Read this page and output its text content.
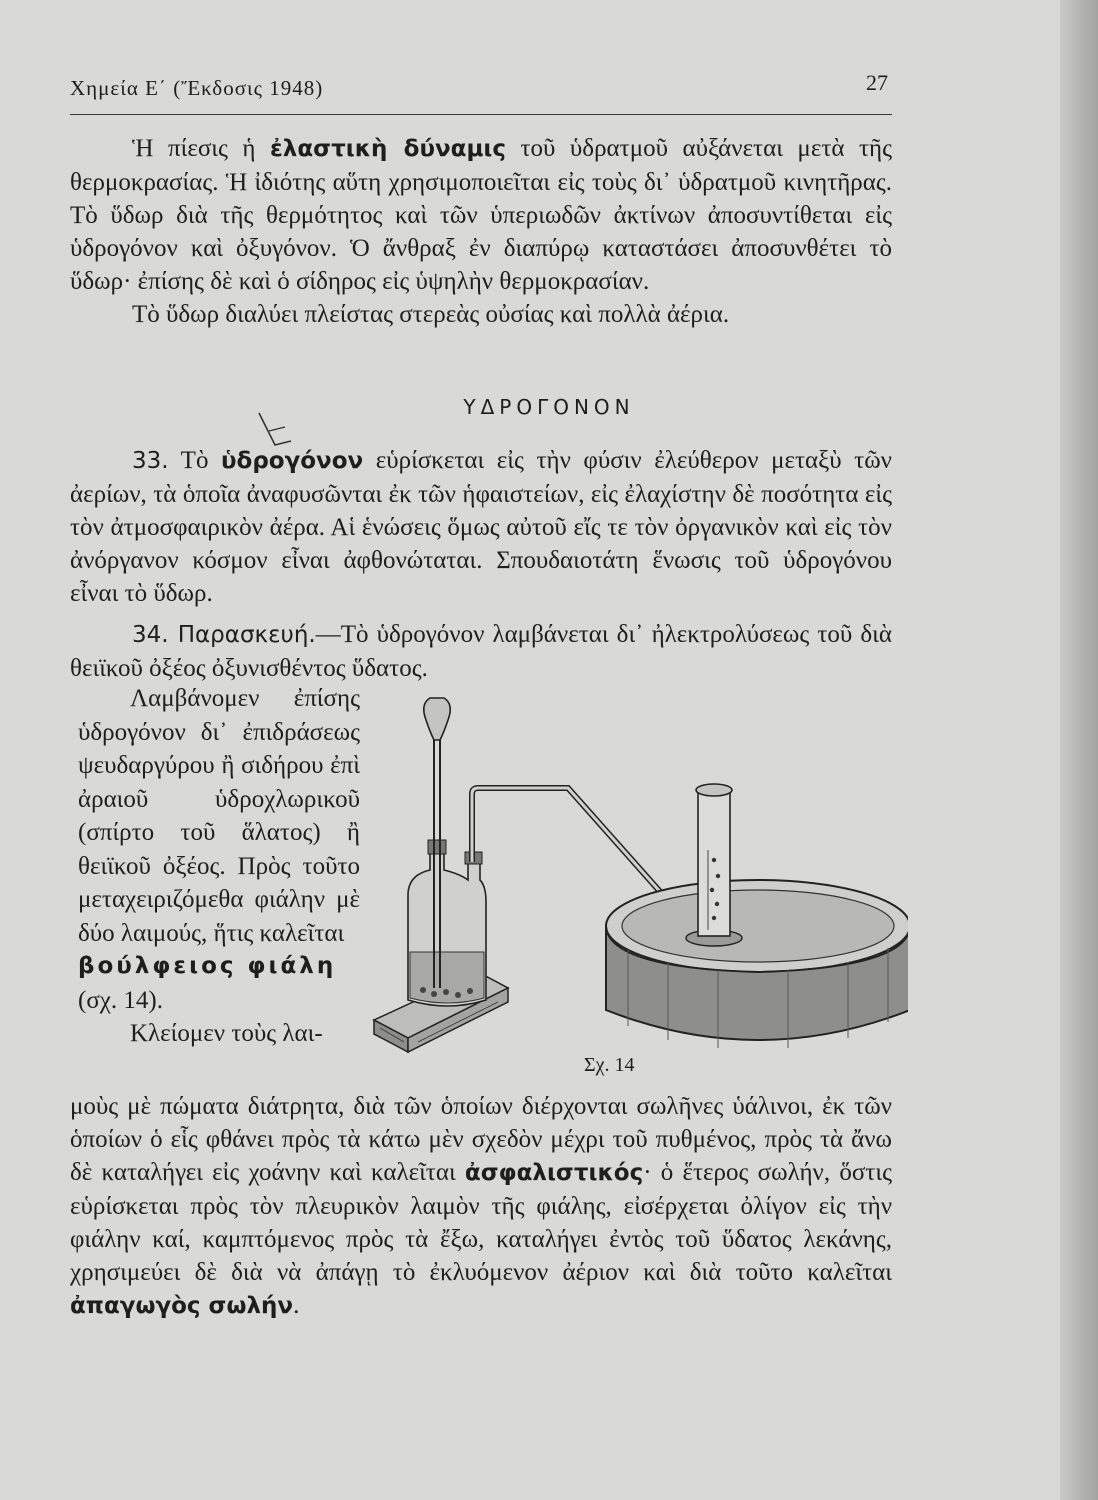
Χημεία Ε΄ (Ἔκδοσις 1948)	27

Ἡ πίεσις ἡ ἐλαστικὴ δύναμις τοῦ ὑδρατμοῦ αὐξάνεται μετὰ τῆς θερμοκρασίας. Ἡ ἰδιότης αὕτη χρησιμοποιεῖται εἰς τοὺς δι᾿ ὑδρατμοῦ κινητῆρας. Τὸ ὕδωρ διὰ τῆς θερμότητος καὶ τῶν ὑπεριωδῶν ἀκτίνων ἀποσυντίθεται εἰς ὑδρογόνον καὶ ὀξυγόνον. Ὁ ἄνθραξ ἐν διαπύρῳ καταστάσει ἀποσυνθέτει τὸ ὕδωρ· ἐπίσης δὲ καὶ ὁ σίδηρος εἰς ὑψηλὴν θερμοκρασίαν.

Τὸ ὕδωρ διαλύει πλείστας στερεὰς οὐσίας καὶ πολλὰ ἀέρια.

ΥΔΡΟΓΟΝΟΝ

33. Τὸ ὑδρογόνον εὑρίσκεται εἰς τὴν φύσιν ἐλεύθερον μεταξὺ τῶν ἀερίων, τὰ ὁποῖα ἀναφυσῶνται ἐκ τῶν ἡφαιστείων, εἰς ἐλαχίστην δὲ ποσότητα εἰς τὸν ἀτμοσφαιρικὸν ἀέρα. Αἱ ἑνώσεις ὅμως αὐτοῦ εἴς τε τὸν ὀργανικὸν καὶ εἰς τὸν ἀνόργανον κόσμον εἶναι ἀφθονώταται. Σπουδαιοτάτη ἕνωσις τοῦ ὑδρογόνου εἶναι τὸ ὕδωρ.

34. Παρασκευή.—Τὸ ὑδρογόνον λαμβάνεται δι᾿ ἠλεκτρολύσεως τοῦ διὰ θειϊκοῦ ὀξέος ὀξυνισθέντος ὕδατος.

Λαμβάνομεν ἐπίσης ὑδρογόνον δι᾿ ἐπιδράσεως ψευδαργύρου ἢ σιδήρου ἐπὶ ἀραιοῦ ὑδροχλωρικοῦ (σπίρτο τοῦ ἅλατος) ἢ θειϊκοῦ ὀξέος. Πρὸς τοῦτο μεταχειριζόμεθα φιάλην μὲ δύο λαιμούς, ἥτις καλεῖται

βούλφειος φιάλη

(σχ. 14).

Κλείομεν τοὺς λαι-

Σχ. 14

μοὺς μὲ πώματα διάτρητα, διὰ τῶν ὁποίων διέρχονται σωλῆνες ὑάλινοι, ἐκ τῶν ὁποίων ὁ εἷς φθάνει πρὸς τὰ κάτω μὲν σχεδὸν μέχρι τοῦ πυθμένος, πρὸς τὰ ἄνω δὲ καταλήγει εἰς χοάνην καὶ καλεῖται ἀσφαλιστικός· ὁ ἕτερος σωλήν, ὅστις εὑρίσκεται πρὸς τὸν πλευρικὸν λαιμὸν τῆς φιάλης, εἰσέρχεται ὀλίγον εἰς τὴν φιάλην καί, καμπτόμενος πρὸς τὰ ἔξω, καταλήγει ἐντὸς τοῦ ὕδατος λεκάνης, χρησιμεύει δὲ διὰ νὰ ἀπάγῃ τὸ ἐκλυόμενον ἀέριον καὶ διὰ τοῦτο καλεῖται ἀπαγωγὸς σωλήν.
